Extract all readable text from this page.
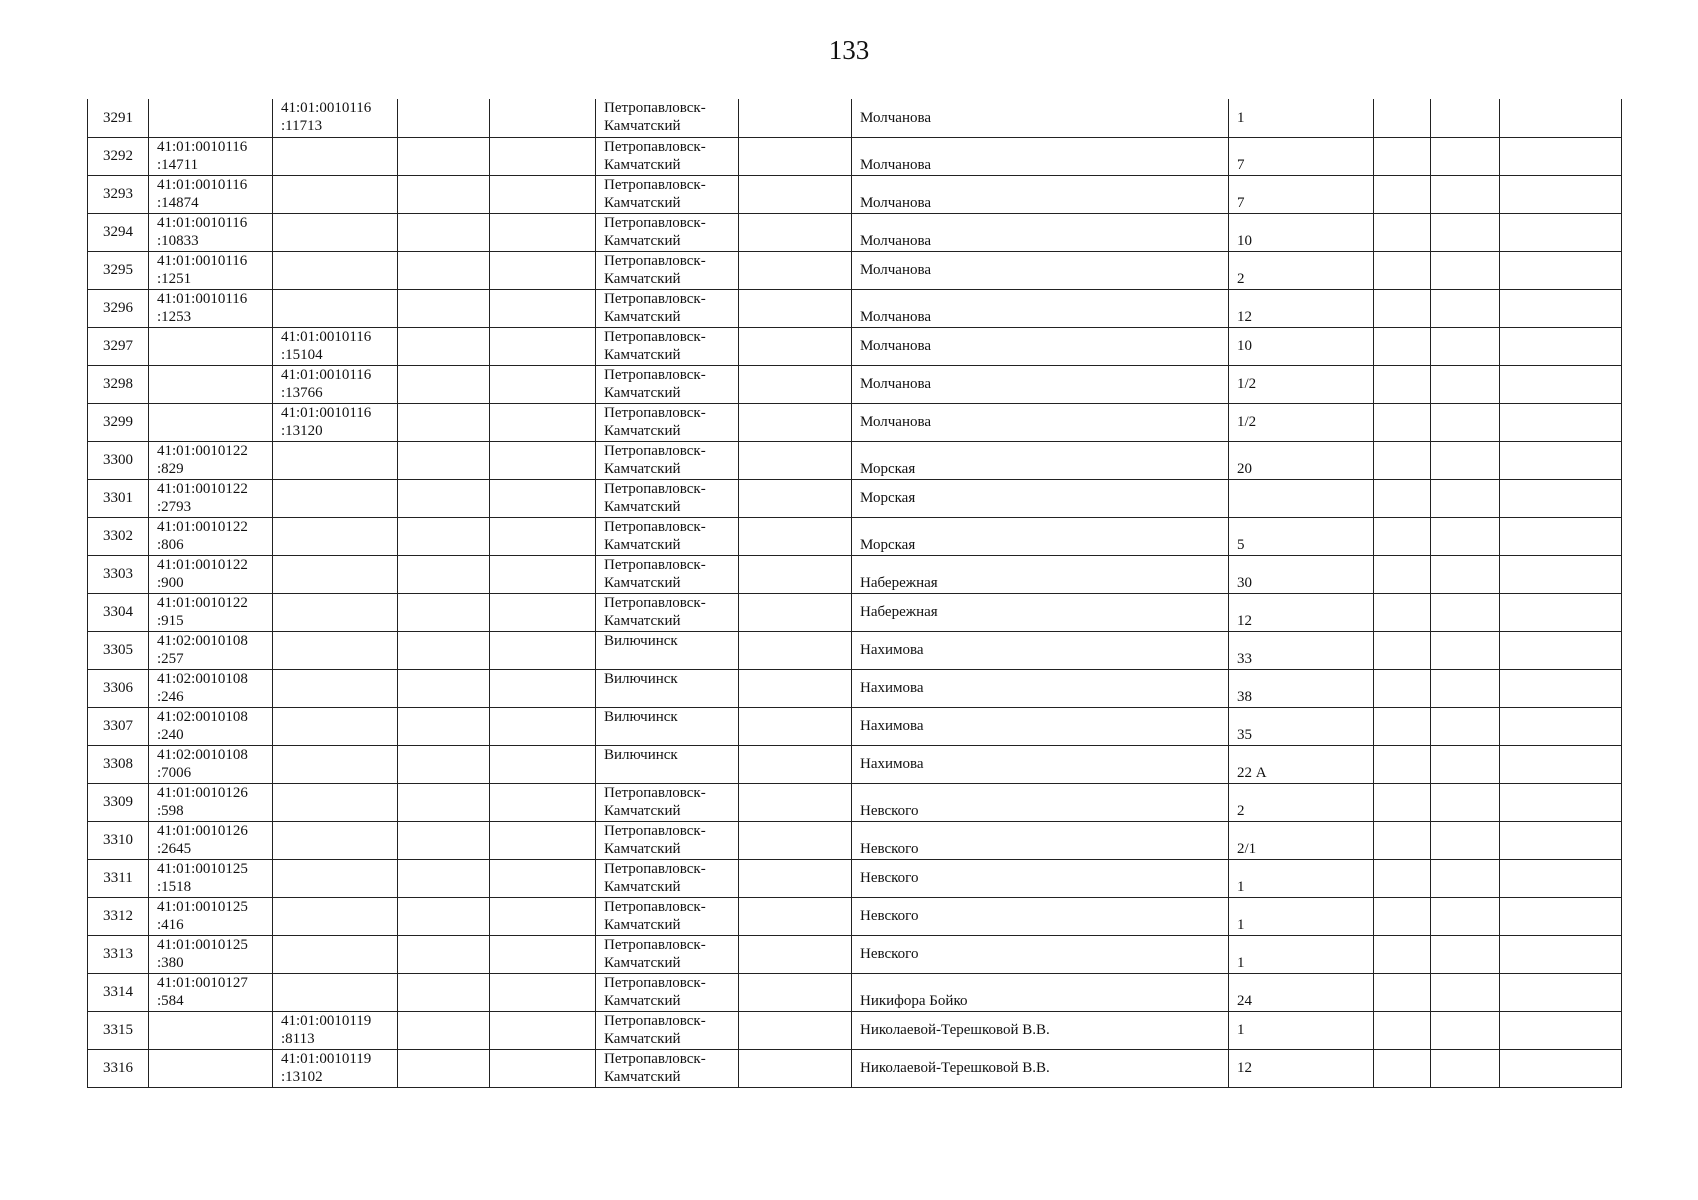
133
3291		41:01:0010116
:11713			Петропавловск-
Камчатский		Молчанова	1			

3292	41:01:0010116
:14711				Петропавловск-
Камчатский		Молчанова	7			

3293	41:01:0010116
:14874				Петропавловск-
Камчатский		Молчанова	7			

3294	41:01:0010116
:10833				Петропавловск-
Камчатский		Молчанова	10			

3295	41:01:0010116
:1251				Петропавловск-
Камчатский		Молчанова	2			

3296	41:01:0010116
:1253				Петропавловск-
Камчатский		Молчанова	12			

3297		41:01:0010116
:15104			Петропавловск-
Камчатский		Молчанова	10			

3298		41:01:0010116
:13766			Петропавловск-
Камчатский		Молчанова	1/2			

3299		41:01:0010116
:13120			Петропавловск-
Камчатский		Молчанова	1/2			

3300	41:01:0010122
:829				Петропавловск-
Камчатский		Морская	20			

3301	41:01:0010122
:2793				Петропавловск-
Камчатский		Морская				

3302	41:01:0010122
:806				Петропавловск-
Камчатский		Морская	5			

3303	41:01:0010122
:900				Петропавловск-
Камчатский		Набережная	30			

3304	41:01:0010122
:915				Петропавловск-
Камчатский		Набережная	12			

3305	41:02:0010108
:257				Вилючинск		Нахимова	33			

3306	41:02:0010108
:246				Вилючинск		Нахимова	38			

3307	41:02:0010108
:240				Вилючинск		Нахимова	35			

3308	41:02:0010108
:7006				Вилючинск		Нахимова	22 А			

3309	41:01:0010126
:598				Петропавловск-
Камчатский		Невского	2			

3310	41:01:0010126
:2645				Петропавловск-
Камчатский		Невского	2/1			

3311	41:01:0010125
:1518				Петропавловск-
Камчатский		Невского	1			

3312	41:01:0010125
:416				Петропавловск-
Камчатский		Невского	1			

3313	41:01:0010125
:380				Петропавловск-
Камчатский		Невского	1			

3314	41:01:0010127
:584				Петропавловск-
Камчатский		Никифора Бойко	24			

3315		41:01:0010119
:8113			Петропавловск-
Камчатский		Николаевой-Терешковой В.В.	1			

3316		41:01:0010119
:13102			Петропавловск-
Камчатский		Николаевой-Терешковой В.В.	12			
